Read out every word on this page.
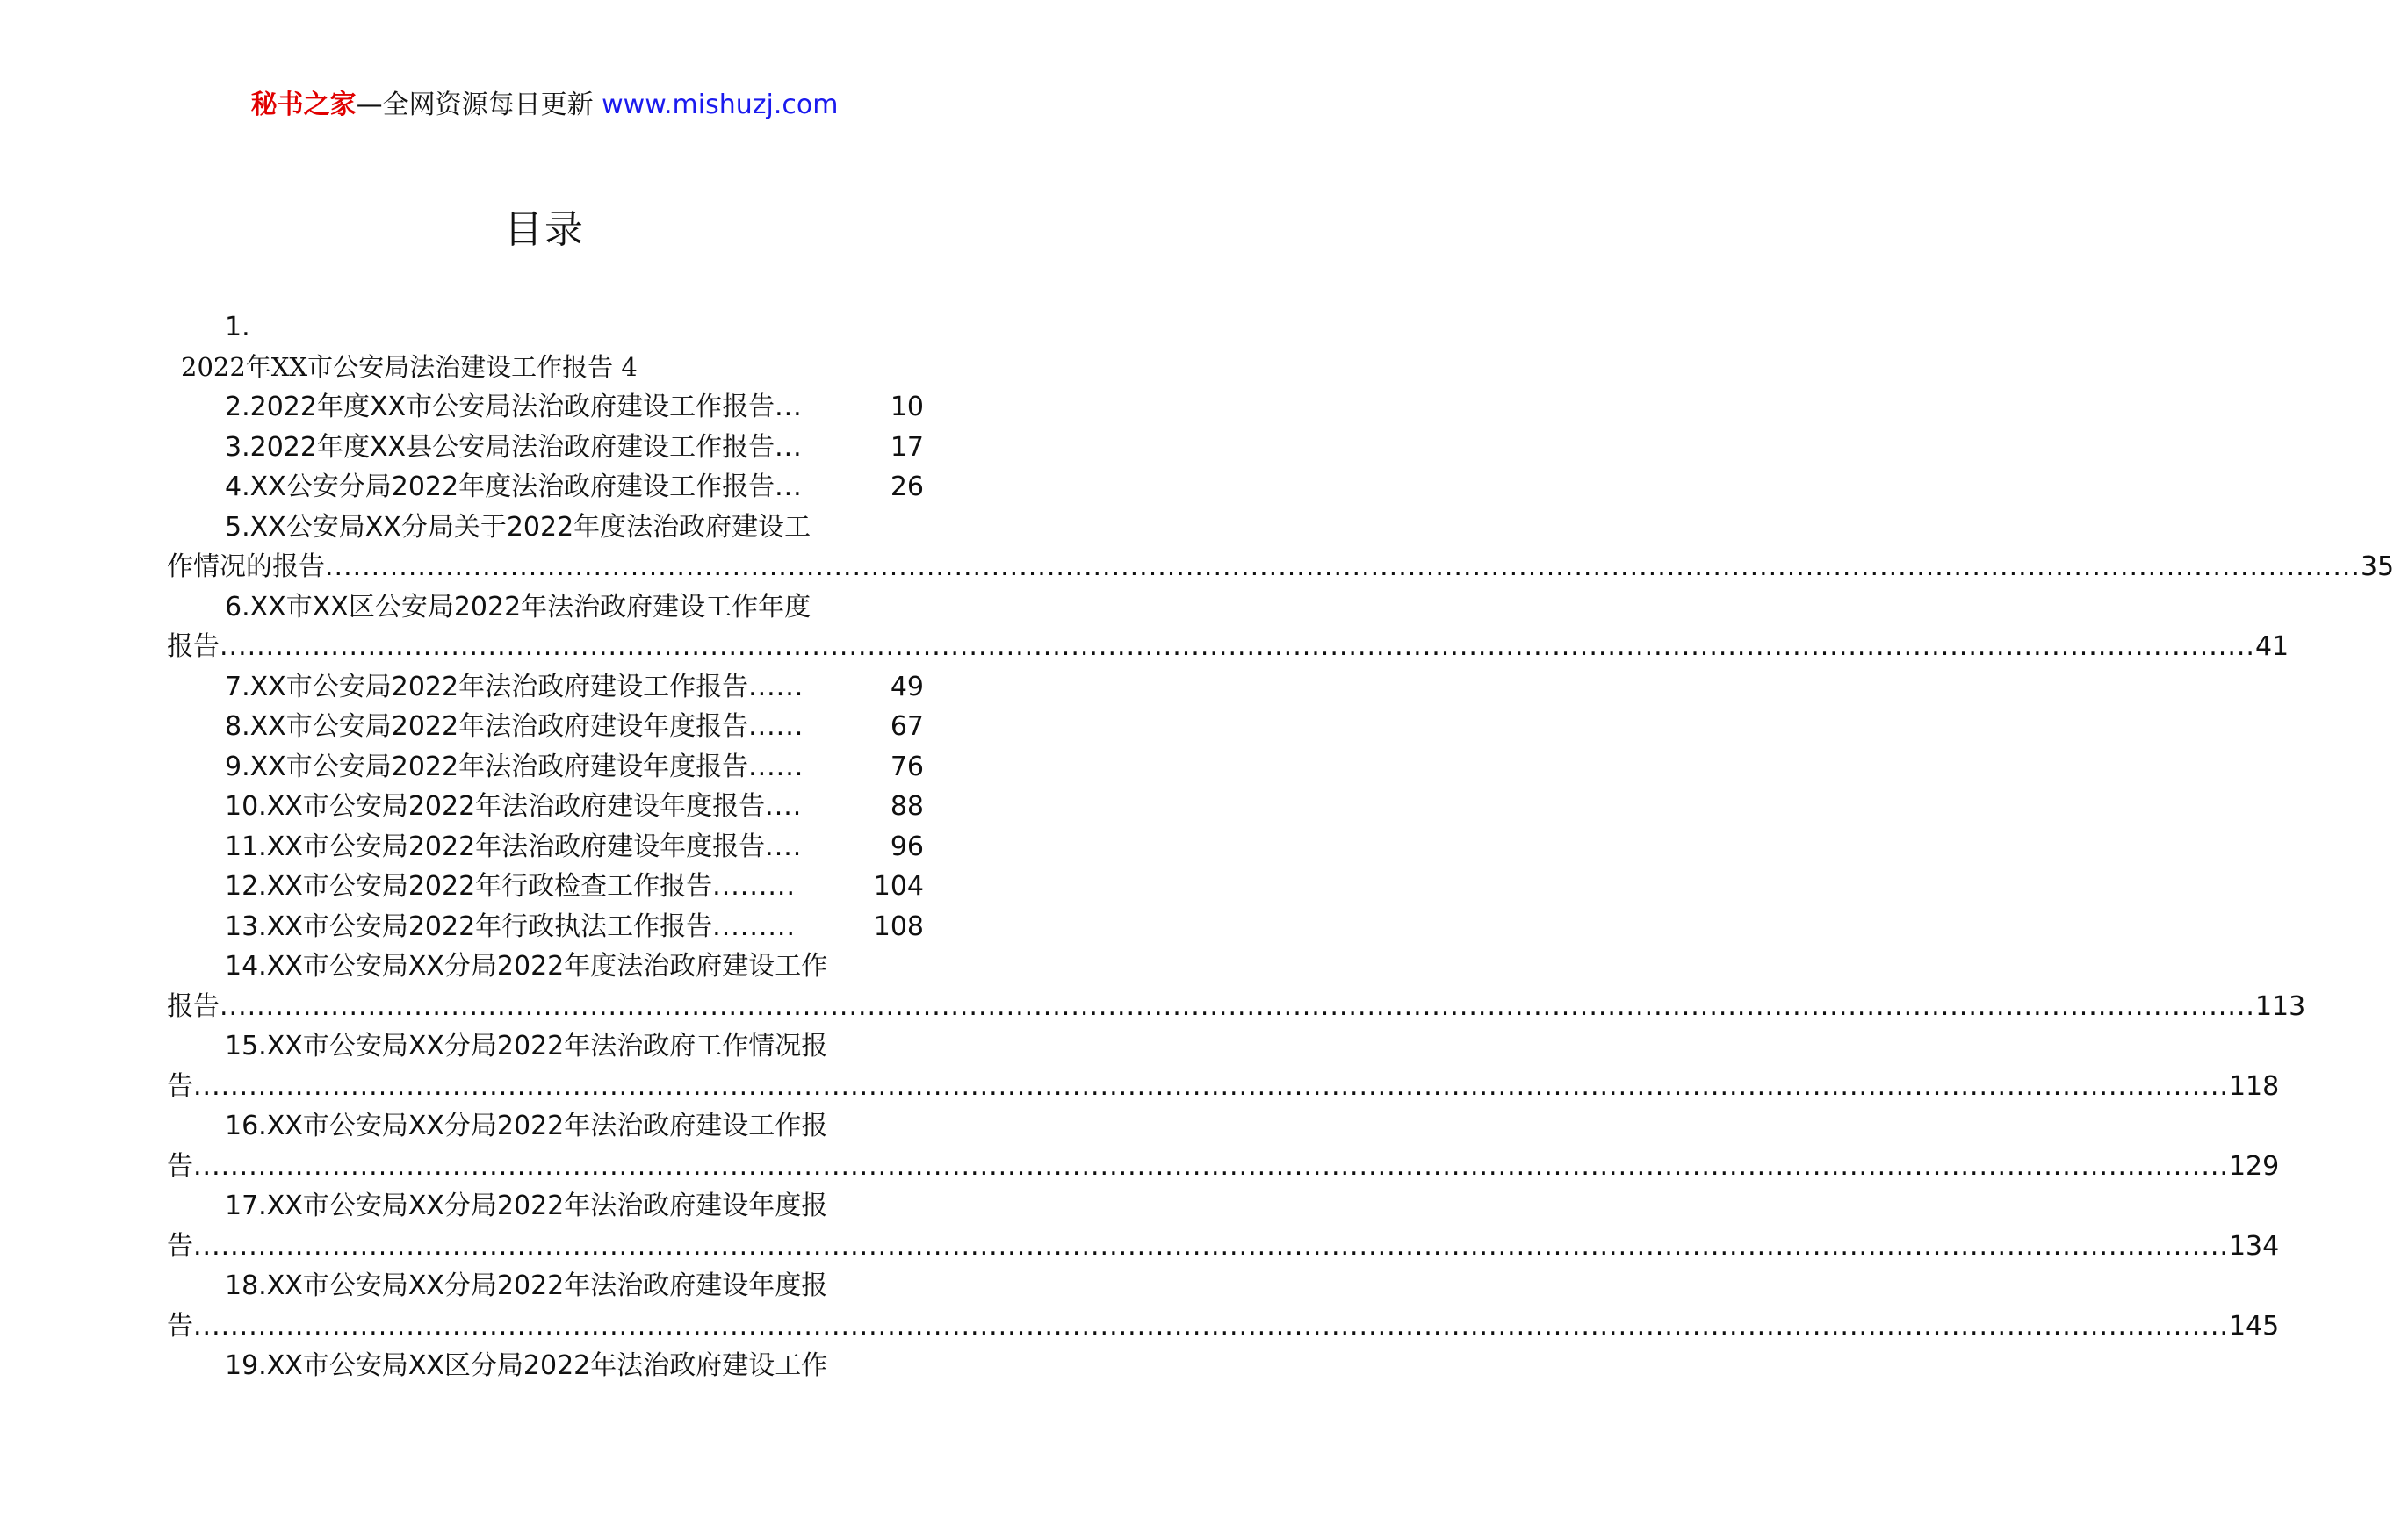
秘书之家—全网资源每日更新 www.mishuzj.com
目录
1.
2022年XX市公安局法治建设工作报告 4
2.2022年度XX市公安局法治政府建设工作报告 ...	10
3.2022年度XX县公安局法治政府建设工作报告 ...	17
4.XX公安分局2022年度法治政府建设工作报告 ...	26
5.XX公安局XX分局关于2022年度法治政府建设工
作情况的报告 ............................................................................................................................................................................................................................ 35
6.XX市XX区公安局2022年法治政府建设工作年度
报告 ............................................................................................................................................................................................................................ 41
7.XX市公安局2022年法治政府建设工作报告 ......	49
8.XX市公安局2022年法治政府建设年度报告 ......	67
9.XX市公安局2022年法治政府建设年度报告 ......	76
10.XX市公安局2022年法治政府建设年度报告 ....	88
11.XX市公安局2022年法治政府建设年度报告 ....	96
12.XX市公安局2022年行政检查工作报告 .........	104
13.XX市公安局2022年行政执法工作报告 .........	108
14.XX市公安局XX分局2022年度法治政府建设工作
报告 ............................................................................................................................................................................................................................ 113
15.XX市公安局XX分局2022年法治政府工作情况报
告 ............................................................................................................................................................................................................................ 118
16.XX市公安局XX分局2022年法治政府建设工作报
告 ............................................................................................................................................................................................................................ 129
17.XX市公安局XX分局2022年法治政府建设年度报
告 ............................................................................................................................................................................................................................ 134
18.XX市公安局XX分局2022年法治政府建设年度报
告 ............................................................................................................................................................................................................................ 145
19.XX市公安局XX区分局2022年法治政府建设工作
